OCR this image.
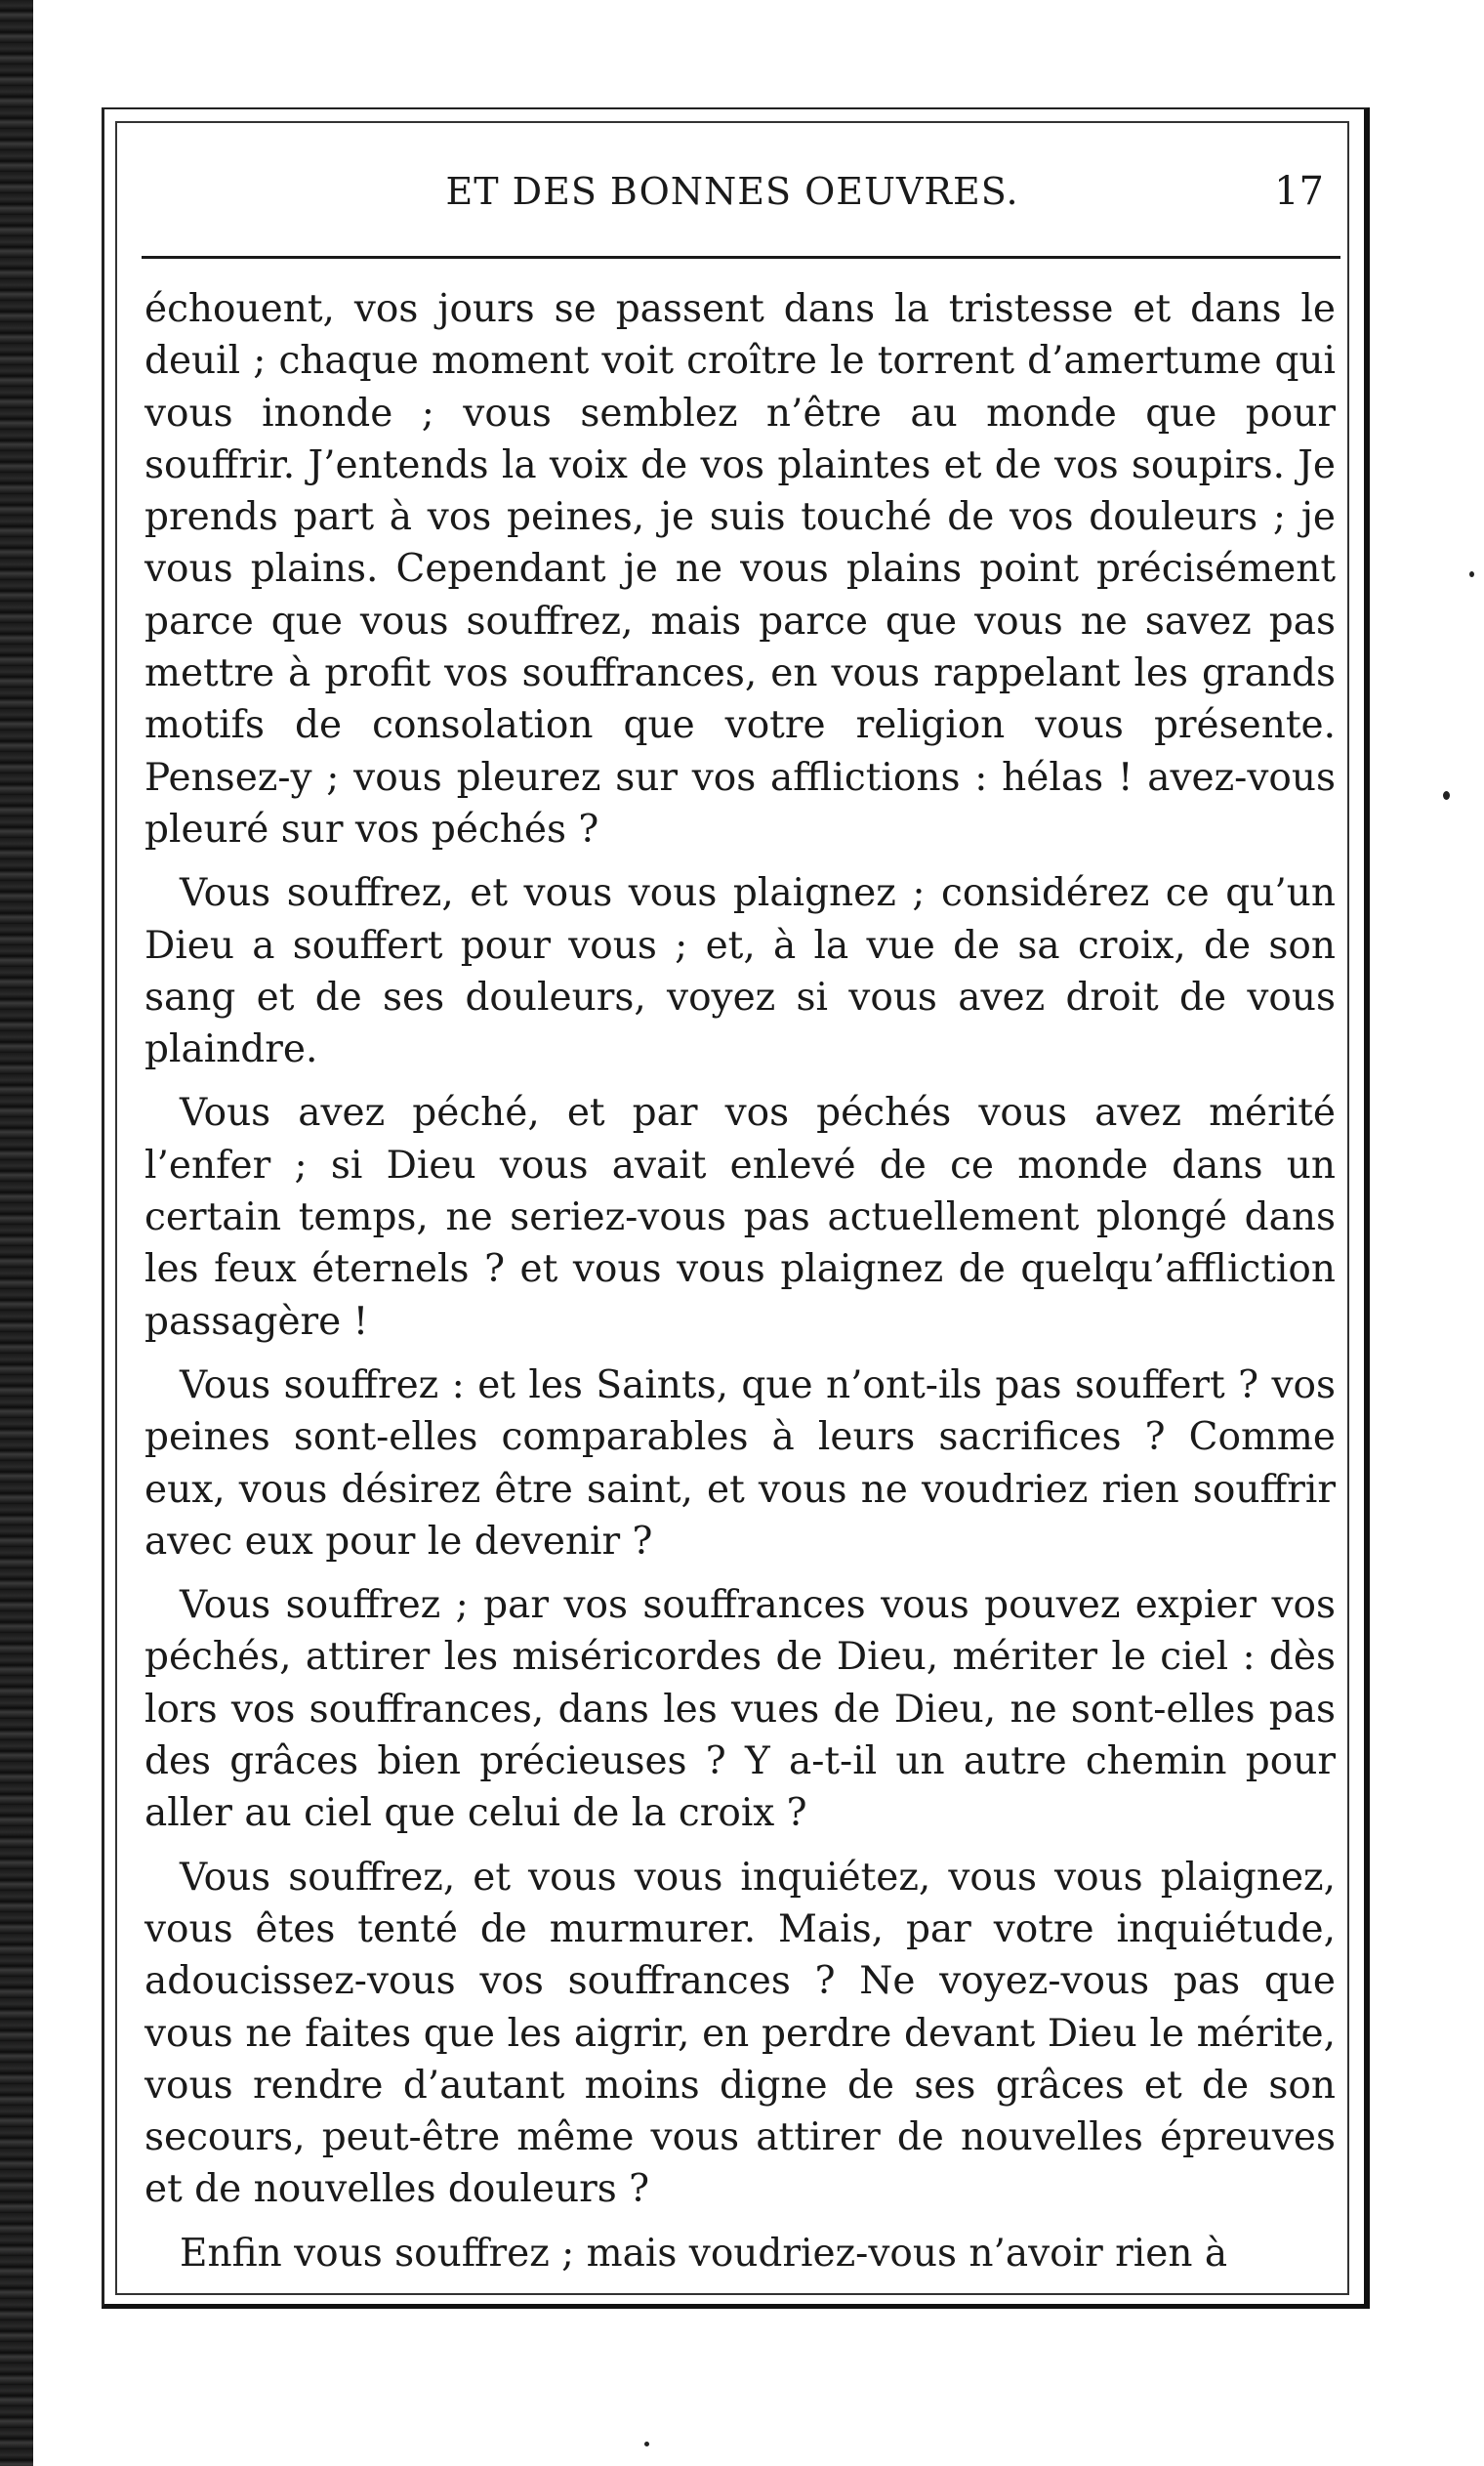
ET DES BONNES OEUVRES.	17

échouent, vos jours se passent dans la tristesse et dans le deuil ; chaque moment voit croître le torrent d’amertume qui vous inonde ; vous semblez n’être au monde que pour souffrir. J’entends la voix de vos plaintes et de vos soupirs. Je prends part à vos peines, je suis touché de vos douleurs ; je vous plains. Cependant je ne vous plains point précisément parce que vous souffrez, mais parce que vous ne savez pas mettre à profit vos souffrances, en vous rappelant les grands motifs de consolation que votre religion vous présente. Pensez-y ; vous pleurez sur vos afflictions : hélas ! avez-vous pleuré sur vos péchés ?

Vous souffrez, et vous vous plaignez ; considérez ce qu’un Dieu a souffert pour vous ; et, à la vue de sa croix, de son sang et de ses douleurs, voyez si vous avez droit de vous plaindre.

Vous avez péché, et par vos péchés vous avez mérité l’enfer ; si Dieu vous avait enlevé de ce monde dans un certain temps, ne seriez-vous pas actuellement plongé dans les feux éternels ? et vous vous plaignez de quelqu’affliction passagère !

Vous souffrez : et les Saints, que n’ont-ils pas souffert ? vos peines sont-elles comparables à leurs sacrifices ? Comme eux, vous désirez être saint, et vous ne voudriez rien souffrir avec eux pour le devenir ?

Vous souffrez ; par vos souffrances vous pouvez expier vos péchés, attirer les miséricordes de Dieu, mériter le ciel : dès lors vos souffrances, dans les vues de Dieu, ne sont-elles pas des grâces bien précieuses ? Y a-t-il un autre chemin pour aller au ciel que celui de la croix ?

Vous souffrez, et vous vous inquiétez, vous vous plaignez, vous êtes tenté de murmurer. Mais, par votre inquiétude, adoucissez-vous vos souffrances ? Ne voyez-vous pas que vous ne faites que les aigrir, en perdre devant Dieu le mérite, vous rendre d’autant moins digne de ses grâces et de son secours, peut-être même vous attirer de nouvelles épreuves et de nouvelles douleurs ?

Enfin vous souffrez ; mais voudriez-vous n’avoir rien à
